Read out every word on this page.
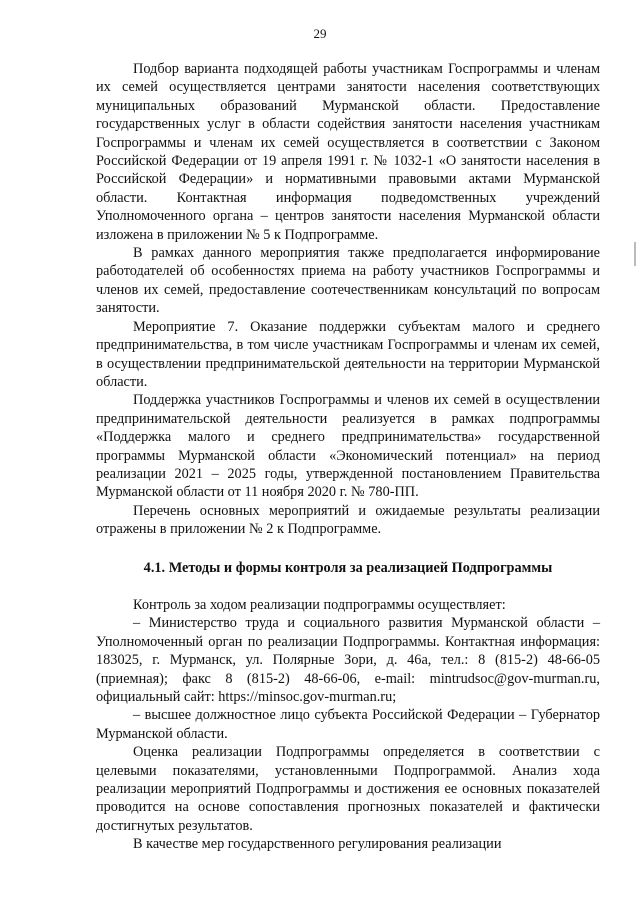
29

Подбор варианта подходящей работы участникам Госпрограммы и членам их семей осуществляется центрами занятости населения соответствующих муниципальных образований Мурманской области. Предоставление государственных услуг в области содействия занятости населения участникам Госпрограммы и членам их семей осуществляется в соответствии с Законом Российской Федерации от 19 апреля 1991 г. № 1032-1 «О занятости населения в Российской Федерации» и нормативными правовыми актами Мурманской области. Контактная информация подведомственных учреждений Уполномоченного органа – центров занятости населения Мурманской области изложена в приложении № 5 к Подпрограмме.

В рамках данного мероприятия также предполагается информирование работодателей об особенностях приема на работу участников Госпрограммы и членов их семей, предоставление соотечественникам консультаций по вопросам занятости.

Мероприятие 7. Оказание поддержки субъектам малого и среднего предпринимательства, в том числе участникам Госпрограммы и членам их семей, в осуществлении предпринимательской деятельности на территории Мурманской области.

Поддержка участников Госпрограммы и членов их семей в осуществлении предпринимательской деятельности реализуется в рамках подпрограммы «Поддержка малого и среднего предпринимательства» государственной программы Мурманской области «Экономический потенциал» на период реализации 2021 – 2025 годы, утвержденной постановлением Правительства Мурманской области от 11 ноября 2020 г. № 780-ПП.

Перечень основных мероприятий и ожидаемые результаты реализации отражены в приложении № 2 к Подпрограмме.

4.1. Методы и формы контроля за реализацией Подпрограммы

Контроль за ходом реализации подпрограммы осуществляет:

– Министерство труда и социального развития Мурманской области – Уполномоченный орган по реализации Подпрограммы. Контактная информация: 183025, г. Мурманск, ул. Полярные Зори, д. 46а, тел.: 8 (815-2) 48-66-05 (приемная); факс 8 (815-2) 48-66-06, e-mail: mintrudsoc@gov-murman.ru, официальный сайт: https://minsoc.gov-murman.ru;

– высшее должностное лицо субъекта Российской Федерации – Губернатор Мурманской области.

Оценка реализации Подпрограммы определяется в соответствии с целевыми показателями, установленными Подпрограммой. Анализ хода реализации мероприятий Подпрограммы и достижения ее основных показателей проводится на основе сопоставления прогнозных показателей и фактически достигнутых результатов.

В качестве мер государственного регулирования реализации
